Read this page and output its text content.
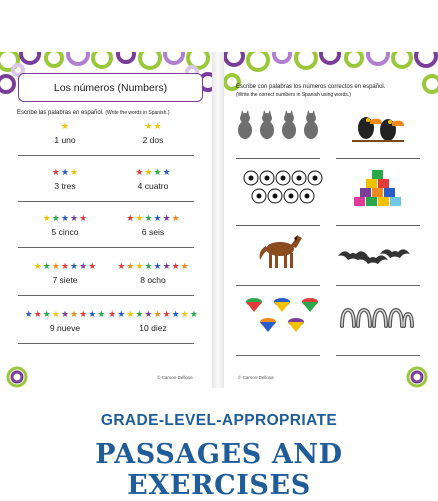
Los números (Numbers)
Escribe las palabras en español. (Write the words in Spanish.)
★
1 uno
★ ★
2 dos
★ ★ ★
3 tres
★ ★ ★ ★
4 cuatro
★ ★ ★ ★ ★
5 cinco
★ ★ ★ ★ ★ ★
6 seis
★ ★ ★ ★ ★ ★ ★
7 siete
★ ★ ★ ★ ★ ★ ★ ★
8 ocho
★ ★ ★ ★ ★ ★ ★ ★ ★
9 nueve
★ ★ ★ ★ ★ ★ ★ ★ ★ ★
10 diez
© Carson-Dellosa
Escribe con palabras los números correctos en español.
(Write the correct numbers in Spanish using words.)
© Carson-Dellosa
GRADE-LEVEL-APPROPRIATE
PASSAGES AND EXERCISES
